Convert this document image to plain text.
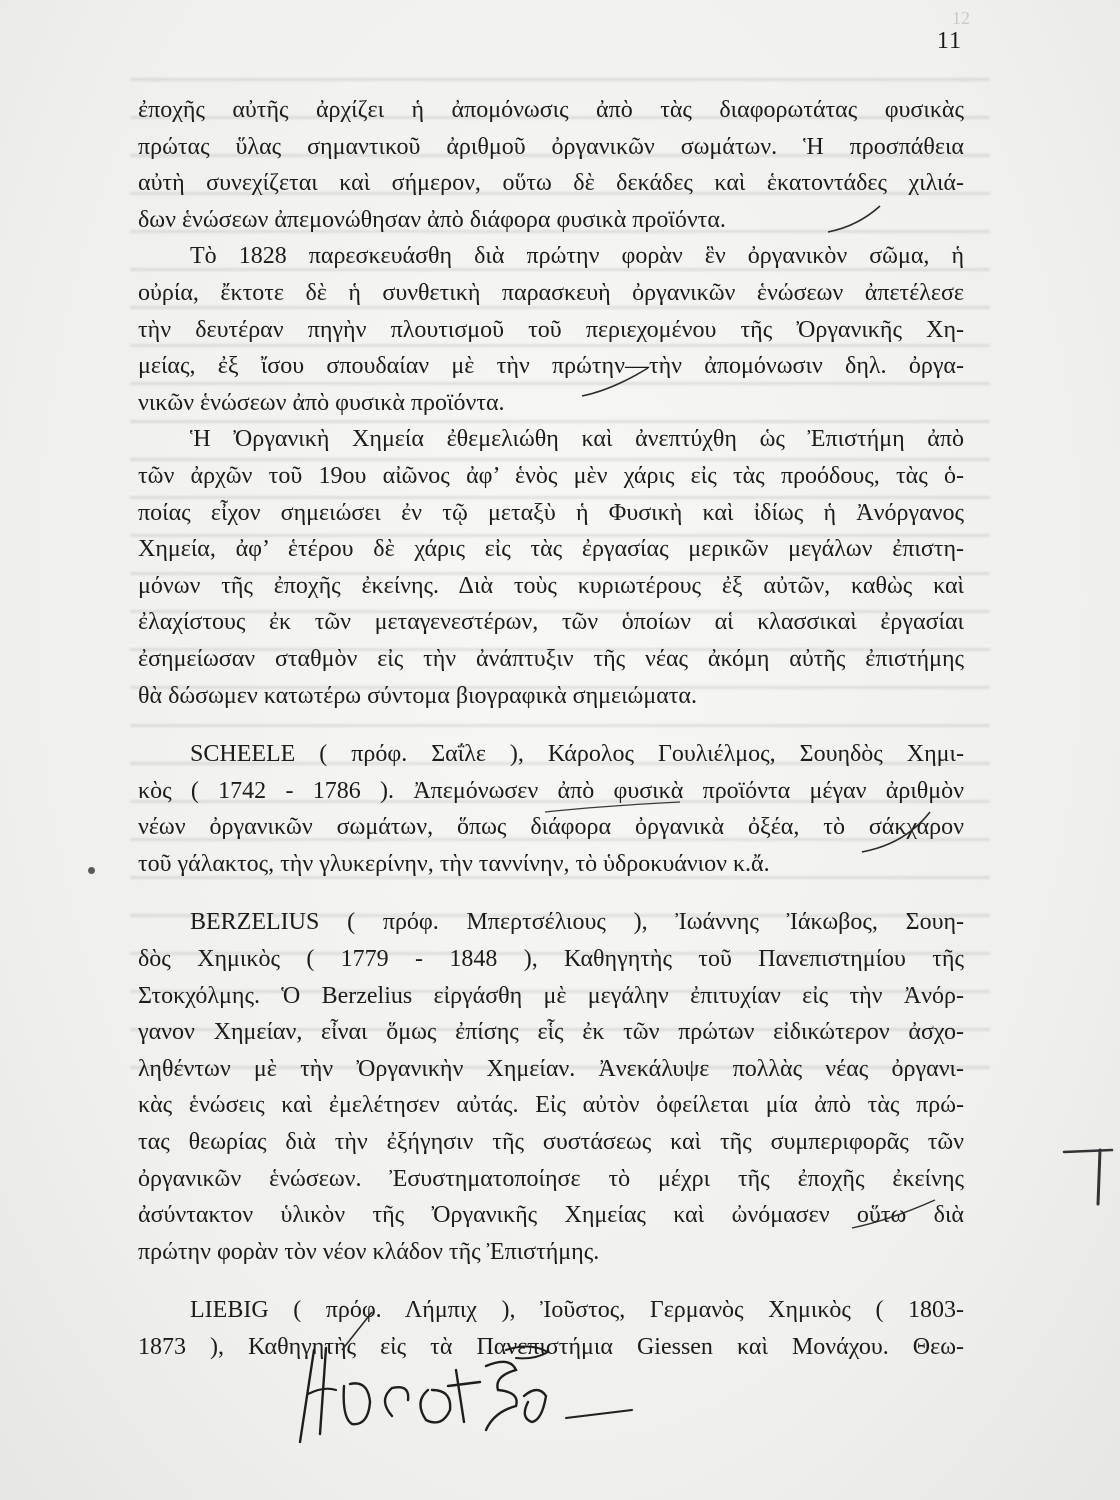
12
11
ἐποχῆς αὐτῆς ἀρχίζει ἡ ἀπομόνωσις ἀπὸ τὰς διαφορωτάτας φυσικὰς
πρώτας ὕλας σημαντικοῦ ἀριθμοῦ ὀργανικῶν σωμάτων. Ἡ προσπάθεια
αὐτὴ συνεχίζεται καὶ σήμερον, οὕτω δὲ δεκάδες καὶ ἑκατοντάδες χιλιά-
δων ἑνώσεων ἀπεμονώθησαν ἀπὸ διάφορα φυσικὰ προϊόντα.
Τὸ 1828 παρεσκευάσθη διὰ πρώτην φορὰν ἓν ὀργανικὸν σῶμα, ἡ
οὐρία, ἔκτοτε δὲ ἡ συνθετικὴ παρασκευὴ ὀργανικῶν ἑνώσεων ἀπετέλεσε
τὴν δευτέραν πηγὴν πλουτισμοῦ τοῦ περιεχομένου τῆς Ὀργανικῆς Χη-
μείας, ἐξ ἴσου σπουδαίαν μὲ τὴν πρώτην—τὴν ἀπομόνωσιν δηλ. ὀργα-
νικῶν ἑνώσεων ἀπὸ φυσικὰ προϊόντα.
Ἡ Ὀργανικὴ Χημεία ἐθεμελιώθη καὶ ἀνεπτύχθη ὡς Ἐπιστήμη ἀπὸ
τῶν ἀρχῶν τοῦ 19ου αἰῶνος ἀφ’ ἑνὸς μὲν χάρις εἰς τὰς προόδους, τὰς ὁ-
ποίας εἶχον σημειώσει ἐν τῷ μεταξὺ ἡ Φυσικὴ καὶ ἰδίως ἡ Ἀνόργανος
Χημεία, ἀφ’ ἑτέρου δὲ χάρις εἰς τὰς ἐργασίας μερικῶν μεγάλων ἐπιστη-
μόνων τῆς ἐποχῆς ἐκείνης. Διὰ τοὺς κυριωτέρους ἐξ αὐτῶν, καθὼς καὶ
ἐλαχίστους ἐκ τῶν μεταγενεστέρων, τῶν ὁποίων αἱ κλασσικαὶ ἐργασίαι
ἐσημείωσαν σταθμὸν εἰς τὴν ἀνάπτυξιν τῆς νέας ἀκόμη αὐτῆς ἐπιστήμης
θὰ δώσωμεν κατωτέρω σύντομα βιογραφικὰ σημειώματα.
SCHEELE ( πρόφ. Σαΐλε ), Κάρολος Γουλιέλμος, Σουηδὸς Χημι-
κὸς ( 1742 - 1786 ). Ἀπεμόνωσεν ἀπὸ φυσικὰ προϊόντα μέγαν ἀριθμὸν
νέων ὀργανικῶν σωμάτων, ὅπως διάφορα ὀργανικὰ ὀξέα, τὸ σάκχαρον
τοῦ γάλακτος, τὴν γλυκερίνην, τὴν ταννίνην, τὸ ὑδροκυάνιον κ.ἄ.
BERZELIUS ( πρόφ. Μπερτσέλιους ), Ἰωάννης Ἰάκωβος, Σουη-
δὸς Χημικὸς ( 1779 - 1848 ), Καθηγητὴς τοῦ Πανεπιστημίου τῆς
Στοκχόλμης. Ὁ Berzelius εἰργάσθη μὲ μεγάλην ἐπιτυχίαν εἰς τὴν Ἀνόρ-
γανον Χημείαν, εἶναι ὅμως ἐπίσης εἷς ἐκ τῶν πρώτων εἰδικώτερον ἀσχο-
ληθέντων μὲ τὴν Ὀργανικὴν Χημείαν. Ἀνεκάλυψε πολλὰς νέας ὀργανι-
κὰς ἑνώσεις καὶ ἐμελέτησεν αὐτάς. Εἰς αὐτὸν ὀφείλεται μία ἀπὸ τὰς πρώ-
τας θεωρίας διὰ τὴν ἐξήγησιν τῆς συστάσεως καὶ τῆς συμπεριφορᾶς τῶν
ὀργανικῶν ἑνώσεων. Ἐσυστηματοποίησε τὸ μέχρι τῆς ἐποχῆς ἐκείνης
ἀσύντακτον ὑλικὸν τῆς Ὀργανικῆς Χημείας καὶ ὠνόμασεν οὕτω διὰ
πρώτην φορὰν τὸν νέον κλάδον τῆς Ἐπιστήμης.
LIEBIG ( πρόφ. Λήμπιχ ), Ἰοῦστος, Γερμανὸς Χημικὸς ( 1803-
1873 ), Καθηγητὴς εἰς τὰ Πανεπιστήμια Giessen καὶ Μονάχου. Θεω-
